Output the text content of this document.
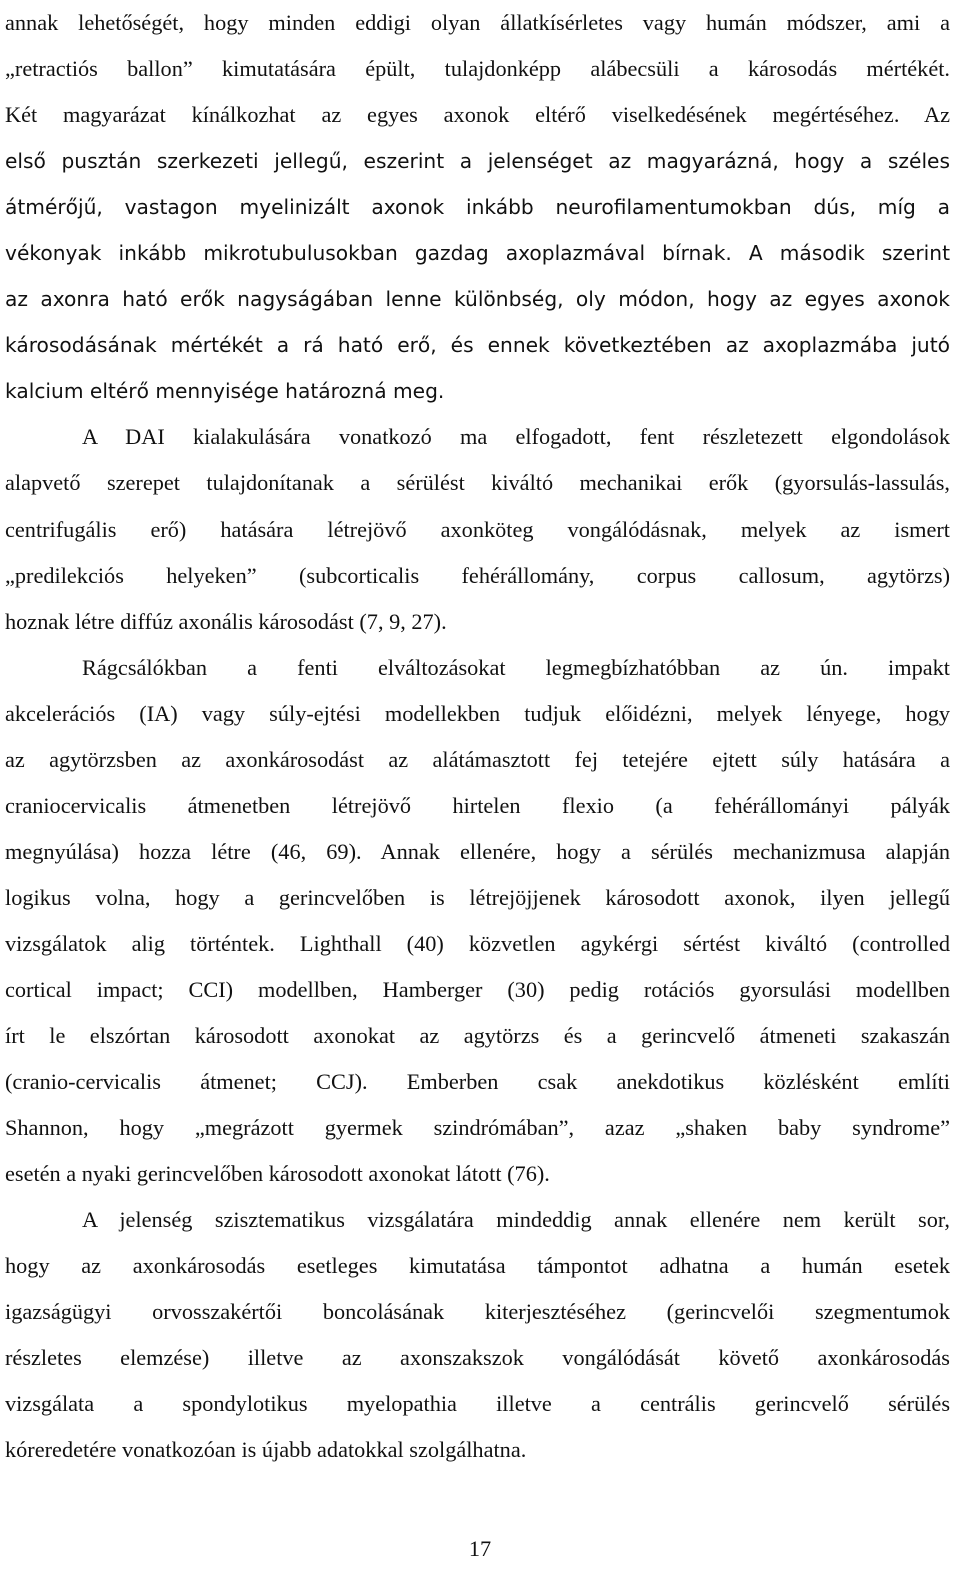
annak lehetőségét, hogy minden eddigi olyan állatkísérletes vagy humán módszer, ami a
„retractiós ballon” kimutatására épült, tulajdonképp alábecsüli a károsodás mértékét.
Két magyarázat kínálkozhat az egyes axonok eltérő viselkedésének megértéséhez. Az
első pusztán szerkezeti jellegű, eszerint a jelenséget az magyarázná, hogy a széles
átmérőjű, vastagon myelinizált axonok inkább neurofilamentumokban dús, míg a
vékonyak inkább mikrotubulusokban gazdag axoplazmával bírnak. A második szerint
az axonra ható erők nagyságában lenne különbség, oly módon, hogy az egyes axonok
károsodásának mértékét a rá ható erő, és ennek következtében az axoplazmába jutó
kalcium eltérő mennyisége határozná meg.
A DAI kialakulására vonatkozó ma elfogadott, fent részletezett elgondolások
alapvető szerepet tulajdonítanak a sérülést kiváltó mechanikai erők (gyorsulás-lassulás,
centrifugális erő) hatására létrejövő axonköteg vongálódásnak, melyek az ismert
„predilekciós helyeken” (subcorticalis fehérállomány, corpus callosum, agytörzs)
hoznak létre diffúz axonális károsodást (7, 9, 27).
Rágcsálókban a fenti elváltozásokat legmegbízhatóbban az ún. impakt
akcelerációs (IA) vagy súly-ejtési modellekben tudjuk előidézni, melyek lényege, hogy
az agytörzsben az axonkárosodást az alátámasztott fej tetejére ejtett súly hatására a
craniocervicalis átmenetben létrejövő hirtelen flexio (a fehérállományi pályák
megnyúlása) hozza létre (46, 69). Annak ellenére, hogy a sérülés mechanizmusa alapján
logikus volna, hogy a gerincvelőben is létrejöjjenek károsodott axonok, ilyen jellegű
vizsgálatok alig történtek. Lighthall (40) közvetlen agykérgi sértést kiváltó (controlled
cortical impact; CCI) modellben, Hamberger (30) pedig rotációs gyorsulási modellben
írt le elszórtan károsodott axonokat az agytörzs és a gerincvelő átmeneti szakaszán
(cranio-cervicalis átmenet; CCJ). Emberben csak anekdotikus közlésként említi
Shannon, hogy „megrázott gyermek szindrómában”, azaz „shaken baby syndrome”
esetén a nyaki gerincvelőben károsodott axonokat látott (76).
A jelenség szisztematikus vizsgálatára mindeddig annak ellenére nem került sor,
hogy az axonkárosodás esetleges kimutatása támpontot adhatna a humán esetek
igazságügyi orvosszakértői boncolásának kiterjesztéséhez (gerincvelői szegmentumok
részletes elemzése) illetve az axonszakszok vongálódását követő axonkárosodás
vizsgálata a spondylotikus myelopathia illetve a centrális gerincvelő sérülés
kóreredetére vonatkozóan is újabb adatokkal szolgálhatna.
17
